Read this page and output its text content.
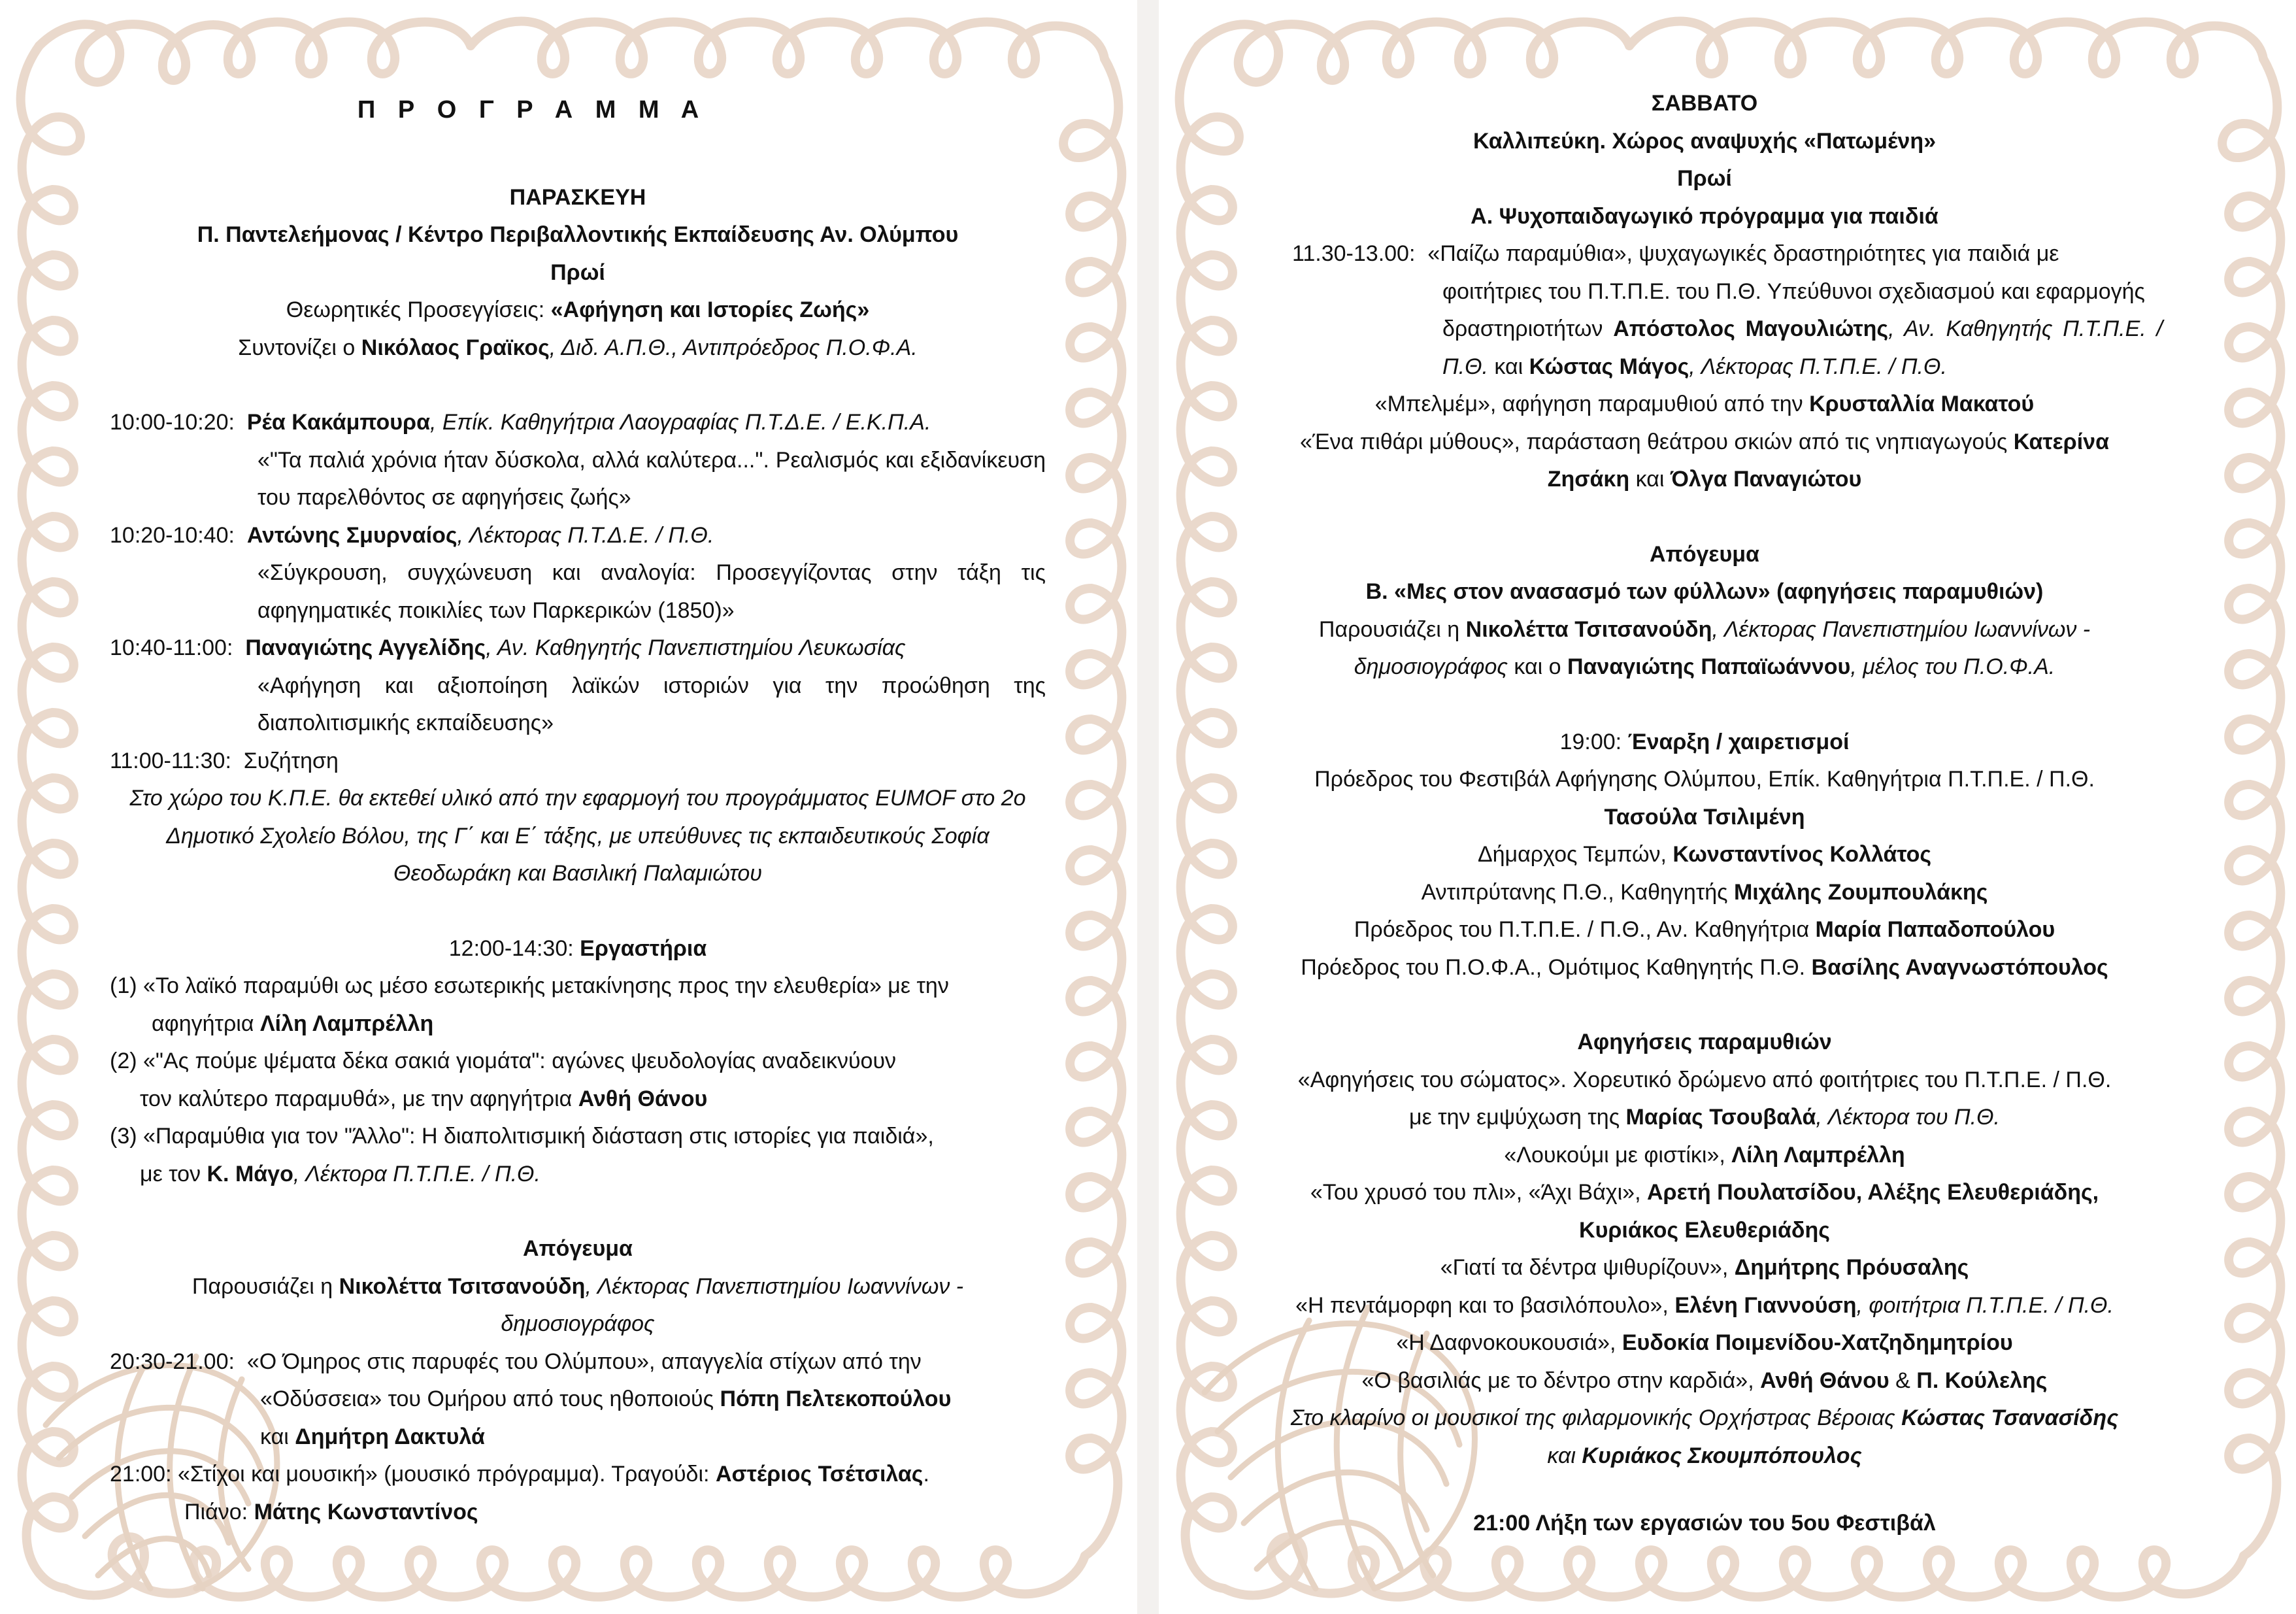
Π Ρ Ο Γ Ρ Α Μ Μ Α
ΠΑΡΑΣΚΕΥΗ
Π. Παντελεήμονας / Κέντρο Περιβαλλοντικής Εκπαίδευσης Αν. Ολύμπου
Πρωί
Θεωρητικές Προσεγγίσεις: «Αφήγηση και Ιστορίες Ζωής»
Συντονίζει ο Νικόλαος Γραϊκος, Διδ. Α.Π.Θ., Αντιπρόεδρος Π.Ο.Φ.Α.
10:00-10:20: Ρέα Κακάμπουρα, Επίκ. Καθηγήτρια Λαογραφίας Π.Τ.Δ.Ε. / Ε.Κ.Π.Α.
«"Τα παλιά χρόνια ήταν δύσκολα, αλλά καλύτερα...". Ρεαλισμός και εξιδανίκευση του παρελθόντος σε αφηγήσεις ζωής»
10:20-10:40: Αντώνης Σμυρναίος, Λέκτορας Π.Τ.Δ.Ε. / Π.Θ.
«Σύγκρουση, συγχώνευση και αναλογία: Προσεγγίζοντας στην τάξη τις αφηγηματικές ποικιλίες των Παρκερικών (1850)»
10:40-11:00: Παναγιώτης Αγγελίδης, Αν. Καθηγητής Πανεπιστημίου Λευκωσίας
«Αφήγηση και αξιοποίηση λαϊκών ιστοριών για την προώθηση της διαπολιτισμικής εκπαίδευσης»
11:00-11:30: Συζήτηση
Στο χώρο του Κ.Π.Ε. θα εκτεθεί υλικό από την εφαρμογή του προγράμματος EUMOF στο 2ο Δημοτικό Σχολείο Βόλου, της Γ΄ και Ε΄ τάξης, με υπεύθυνες τις εκπαιδευτικούς Σοφία Θεοδωράκη και Βασιλική Παλαμιώτου
12:00-14:30: Εργαστήρια
(1) «Το λαϊκό παραμύθι ως μέσο εσωτερικής μετακίνησης προς την ελευθερία» με την
αφηγήτρια Λίλη Λαμπρέλλη
(2) «"Ας πούμε ψέματα δέκα σακιά γιομάτα": αγώνες ψευδολογίας αναδεικνύουν
τον καλύτερο παραμυθά», με την αφηγήτρια Ανθή Θάνου
(3) «Παραμύθια για τον "Άλλο": Η διαπολιτισμική διάσταση στις ιστορίες για παιδιά»,
με τον Κ. Μάγο, Λέκτορα Π.Τ.Π.Ε. / Π.Θ.
Απόγευμα
Παρουσιάζει η Νικολέττα Τσιτσανούδη, Λέκτορας Πανεπιστημίου Ιωαννίνων -
δημοσιογράφος
20:30-21.00: «Ο Όμηρος στις παρυφές του Ολύμπου», απαγγελία στίχων από την
«Οδύσσεια» του Ομήρου από τους ηθοποιούς Πόπη Πελτεκοπούλου
και Δημήτρη Δακτυλά
21:00: «Στίχοι και μουσική» (μουσικό πρόγραμμα). Τραγούδι: Αστέριος Τσέτσιλας.
Πιάνο: Μάτης Κωνσταντίνος
ΣΑΒΒΑΤΟ
Καλλιπεύκη. Χώρος αναψυχής «Πατωμένη»
Πρωί
Α. Ψυχοπαιδαγωγικό πρόγραμμα για παιδιά
11.30-13.00: «Παίζω παραμύθια», ψυχαγωγικές δραστηριότητες για παιδιά με
φοιτήτριες του Π.Τ.Π.Ε. του Π.Θ. Υπεύθυνοι σχεδιασμού και εφαρμογής
δραστηριοτήτων Απόστολος Μαγουλιώτης, Αν. Καθηγητής Π.Τ.Π.Ε. /
Π.Θ. και Κώστας Μάγος, Λέκτορας Π.Τ.Π.Ε. / Π.Θ.
«Μπελμέμ», αφήγηση παραμυθιού από την Κρυσταλλία Μακατού
«Ένα πιθάρι μύθους», παράσταση θεάτρου σκιών από τις νηπιαγωγούς Κατερίνα
Ζησάκη και Όλγα Παναγιώτου
Απόγευμα
Β. «Μες στον ανασασμό των φύλλων» (αφηγήσεις παραμυθιών)
Παρουσιάζει η Νικολέττα Τσιτσανούδη, Λέκτορας Πανεπιστημίου Ιωαννίνων -
δημοσιογράφος και ο Παναγιώτης Παπαϊωάννου, μέλος του Π.Ο.Φ.Α.
19:00: Έναρξη / χαιρετισμοί
Πρόεδρος του Φεστιβάλ Αφήγησης Ολύμπου, Επίκ. Καθηγήτρια Π.Τ.Π.Ε. / Π.Θ.
Τασούλα Τσιλιμένη
Δήμαρχος Τεμπών, Κωνσταντίνος Κολλάτος
Αντιπρύτανης Π.Θ., Καθηγητής Μιχάλης Ζουμπουλάκης
Πρόεδρος του Π.Τ.Π.Ε. / Π.Θ., Αν. Καθηγήτρια Μαρία Παπαδοπούλου
Πρόεδρος του Π.Ο.Φ.Α., Ομότιμος Καθηγητής Π.Θ. Βασίλης Αναγνωστόπουλος
Αφηγήσεις παραμυθιών
«Αφηγήσεις του σώματος». Χορευτικό δρώμενο από φοιτήτριες του Π.Τ.Π.Ε. / Π.Θ.
με την εμψύχωση της Μαρίας Τσουβαλά, Λέκτορα του Π.Θ.
«Λουκούμι με φιστίκι», Λίλη Λαμπρέλλη
«Του χρυσό του πλι», «Άχι Βάχι», Αρετή Πουλατσίδου, Αλέξης Ελευθεριάδης,
Κυριάκος Ελευθεριάδης
«Γιατί τα δέντρα ψιθυρίζουν», Δημήτρης Πρόυσαλης
«Η πεντάμορφη και το βασιλόπουλο», Ελένη Γιαννούση, φοιτήτρια Π.Τ.Π.Ε. / Π.Θ.
«Η Δαφνοκουκουσιά», Ευδοκία Ποιμενίδου-Χατζηδημητρίου
«Ο βασιλιάς με το δέντρο στην καρδιά», Ανθή Θάνου & Π. Κούλελης
Στο κλαρίνο οι μουσικοί της φιλαρμονικής Ορχήστρας Βέροιας Κώστας Τσανασίδης
και Κυριάκος Σκουμπόπουλος
21:00 Λήξη των εργασιών του 5ου Φεστιβάλ
